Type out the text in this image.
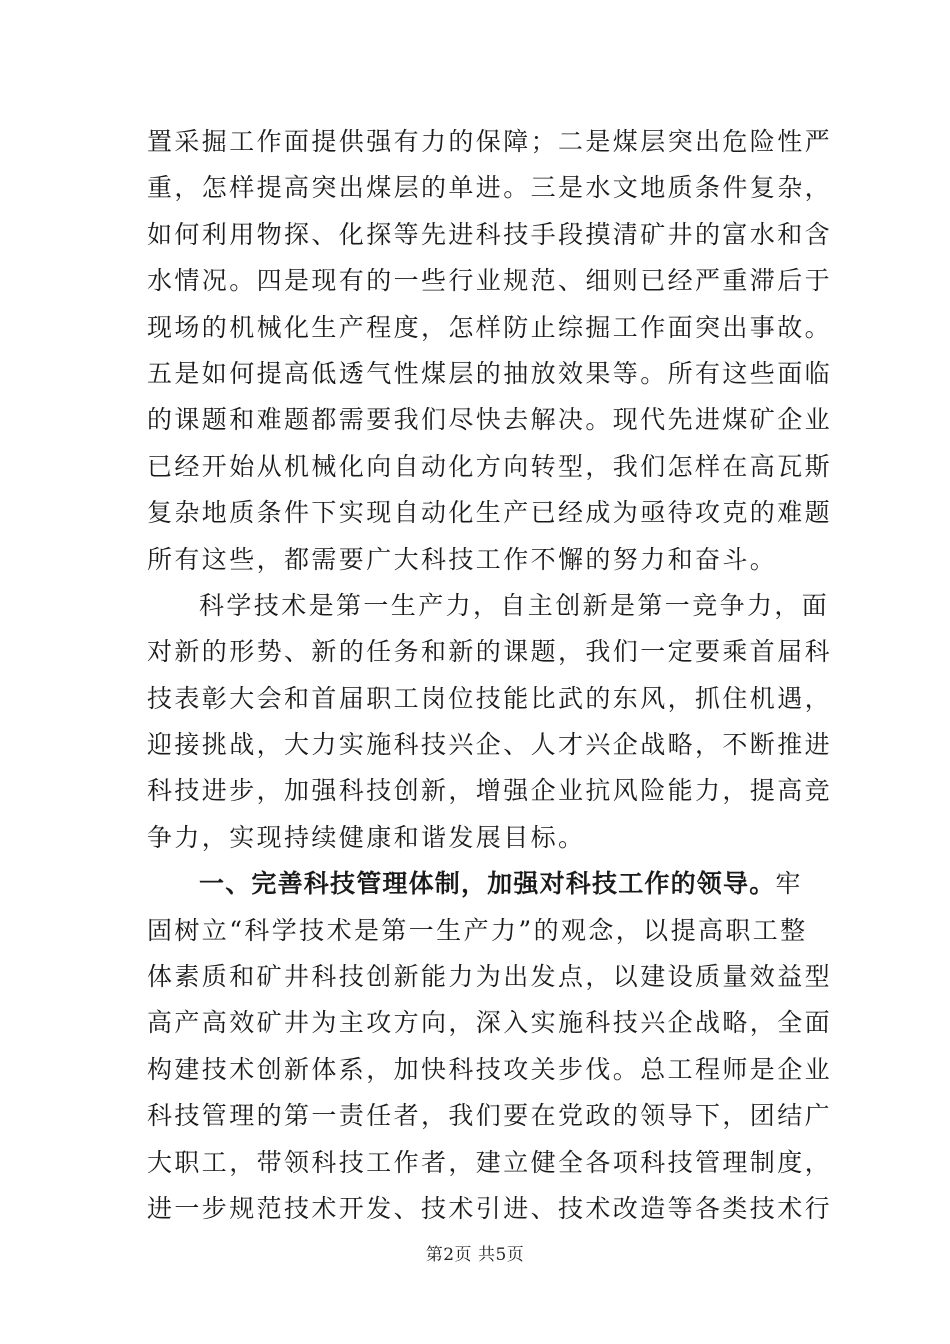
置采掘工作面提供强有力的保障；二是煤层突出危险性严
重，怎样提高突出煤层的单进。三是水文地质条件复杂，
如何利用物探、化探等先进科技手段摸清矿井的富水和含
水情况。四是现有的一些行业规范、细则已经严重滞后于
现场的机械化生产程度，怎样防止综掘工作面突出事故。
五是如何提高低透气性煤层的抽放效果等。所有这些面临
的课题和难题都需要我们尽快去解决。现代先进煤矿企业
已经开始从机械化向自动化方向转型，我们怎样在高瓦斯
复杂地质条件下实现自动化生产已经成为亟待攻克的难题
所有这些，都需要广大科技工作不懈的努力和奋斗。
科学技术是第一生产力，自主创新是第一竞争力，面
对新的形势、新的任务和新的课题，我们一定要乘首届科
技表彰大会和首届职工岗位技能比武的东风，抓住机遇，
迎接挑战，大力实施科技兴企、人才兴企战略，不断推进
科技进步，加强科技创新，增强企业抗风险能力，提高竞
争力，实现持续健康和谐发展目标。
一、完善科技管理体制，加强对科技工作的领导。牢
固树立“科学技术是第一生产力”的观念，以提高职工整
体素质和矿井科技创新能力为出发点，以建设质量效益型
高产高效矿井为主攻方向，深入实施科技兴企战略，全面
构建技术创新体系，加快科技攻关步伐。总工程师是企业
科技管理的第一责任者，我们要在党政的领导下，团结广
大职工，带领科技工作者，建立健全各项科技管理制度，
进一步规范技术开发、技术引进、技术改造等各类技术行
第2页 共5页
